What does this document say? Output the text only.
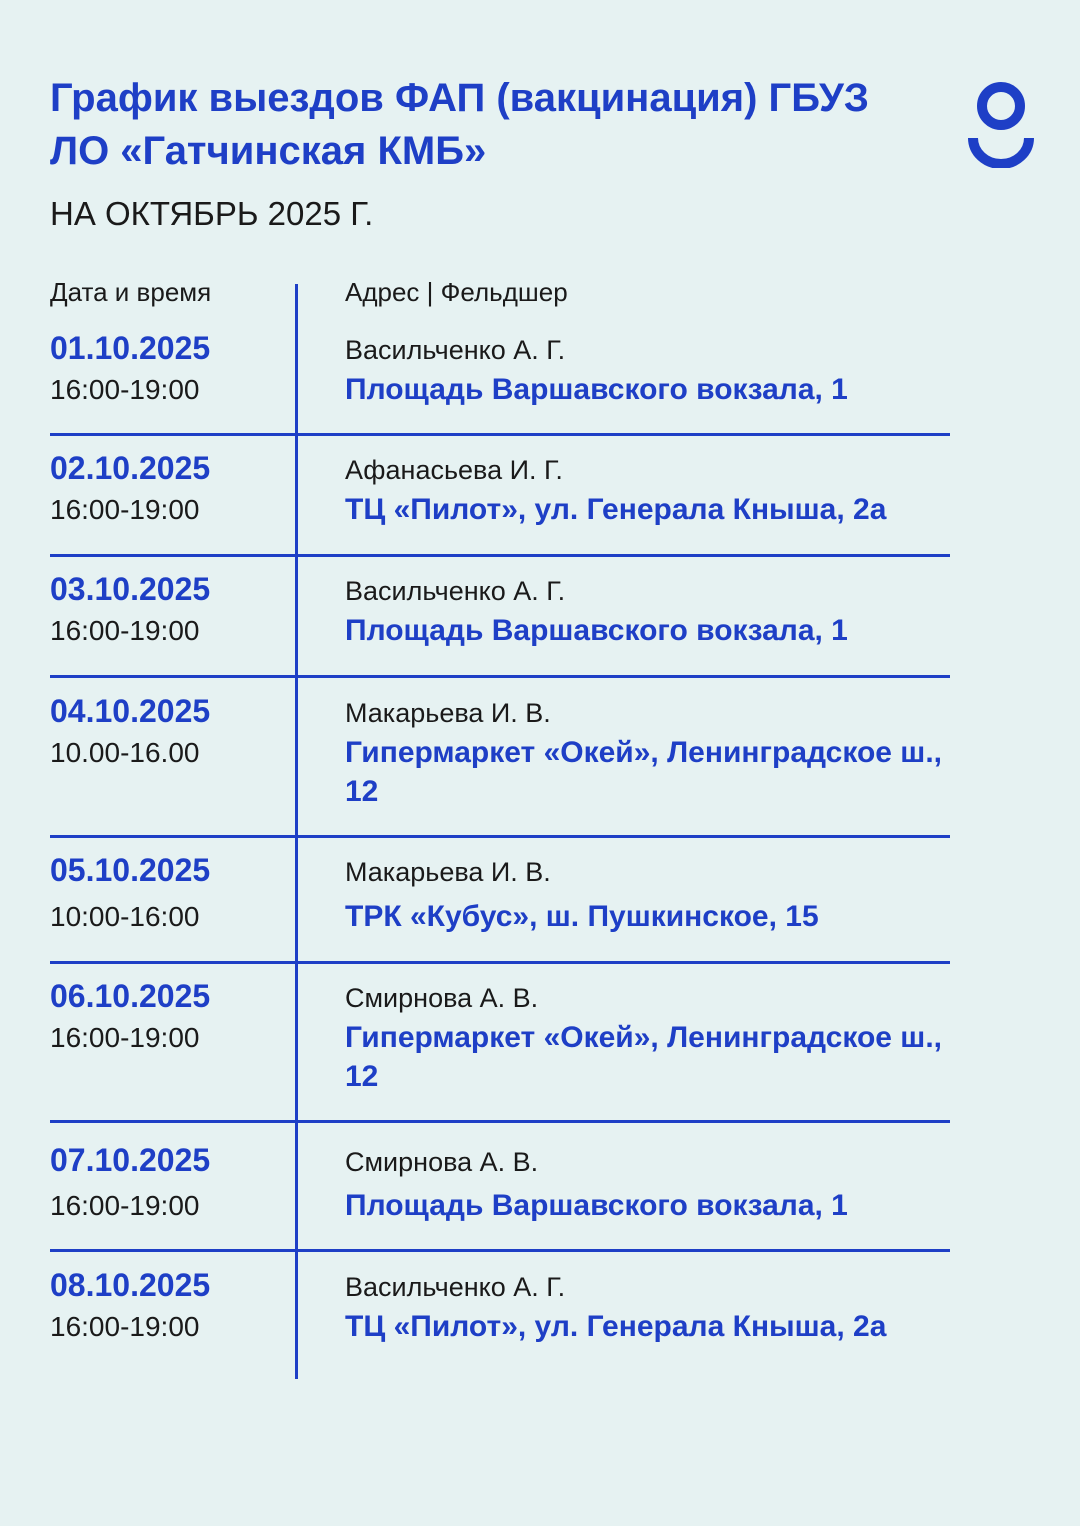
График выездов ФАП (вакцинация) ГБУЗ ЛО «Гатчинская КМБ»
НА ОКТЯБРЬ 2025 Г.
Дата и время	Адрес | Фельдшер
01.10.2025
16:00-19:00
Васильченко А. Г.
Площадь Варшавского вокзала, 1
02.10.2025
16:00-19:00
Афанасьева И. Г.
ТЦ «Пилот», ул. Генерала Кныша, 2а
03.10.2025
16:00-19:00
Васильченко А. Г.
Площадь Варшавского вокзала, 1
04.10.2025
10.00-16.00
Макарьева И. В.
Гипермаркет «Окей», Ленинградское ш., 12
05.10.2025
10:00-16:00
Макарьева И. В.
ТРК «Кубус», ш. Пушкинское, 15
06.10.2025
16:00-19:00
Смирнова А. В.
Гипермаркет «Окей», Ленинградское ш., 12
07.10.2025
16:00-19:00
Смирнова А. В.
Площадь Варшавского вокзала, 1
08.10.2025
16:00-19:00
Васильченко А. Г.
ТЦ «Пилот», ул. Генерала Кныша, 2а
